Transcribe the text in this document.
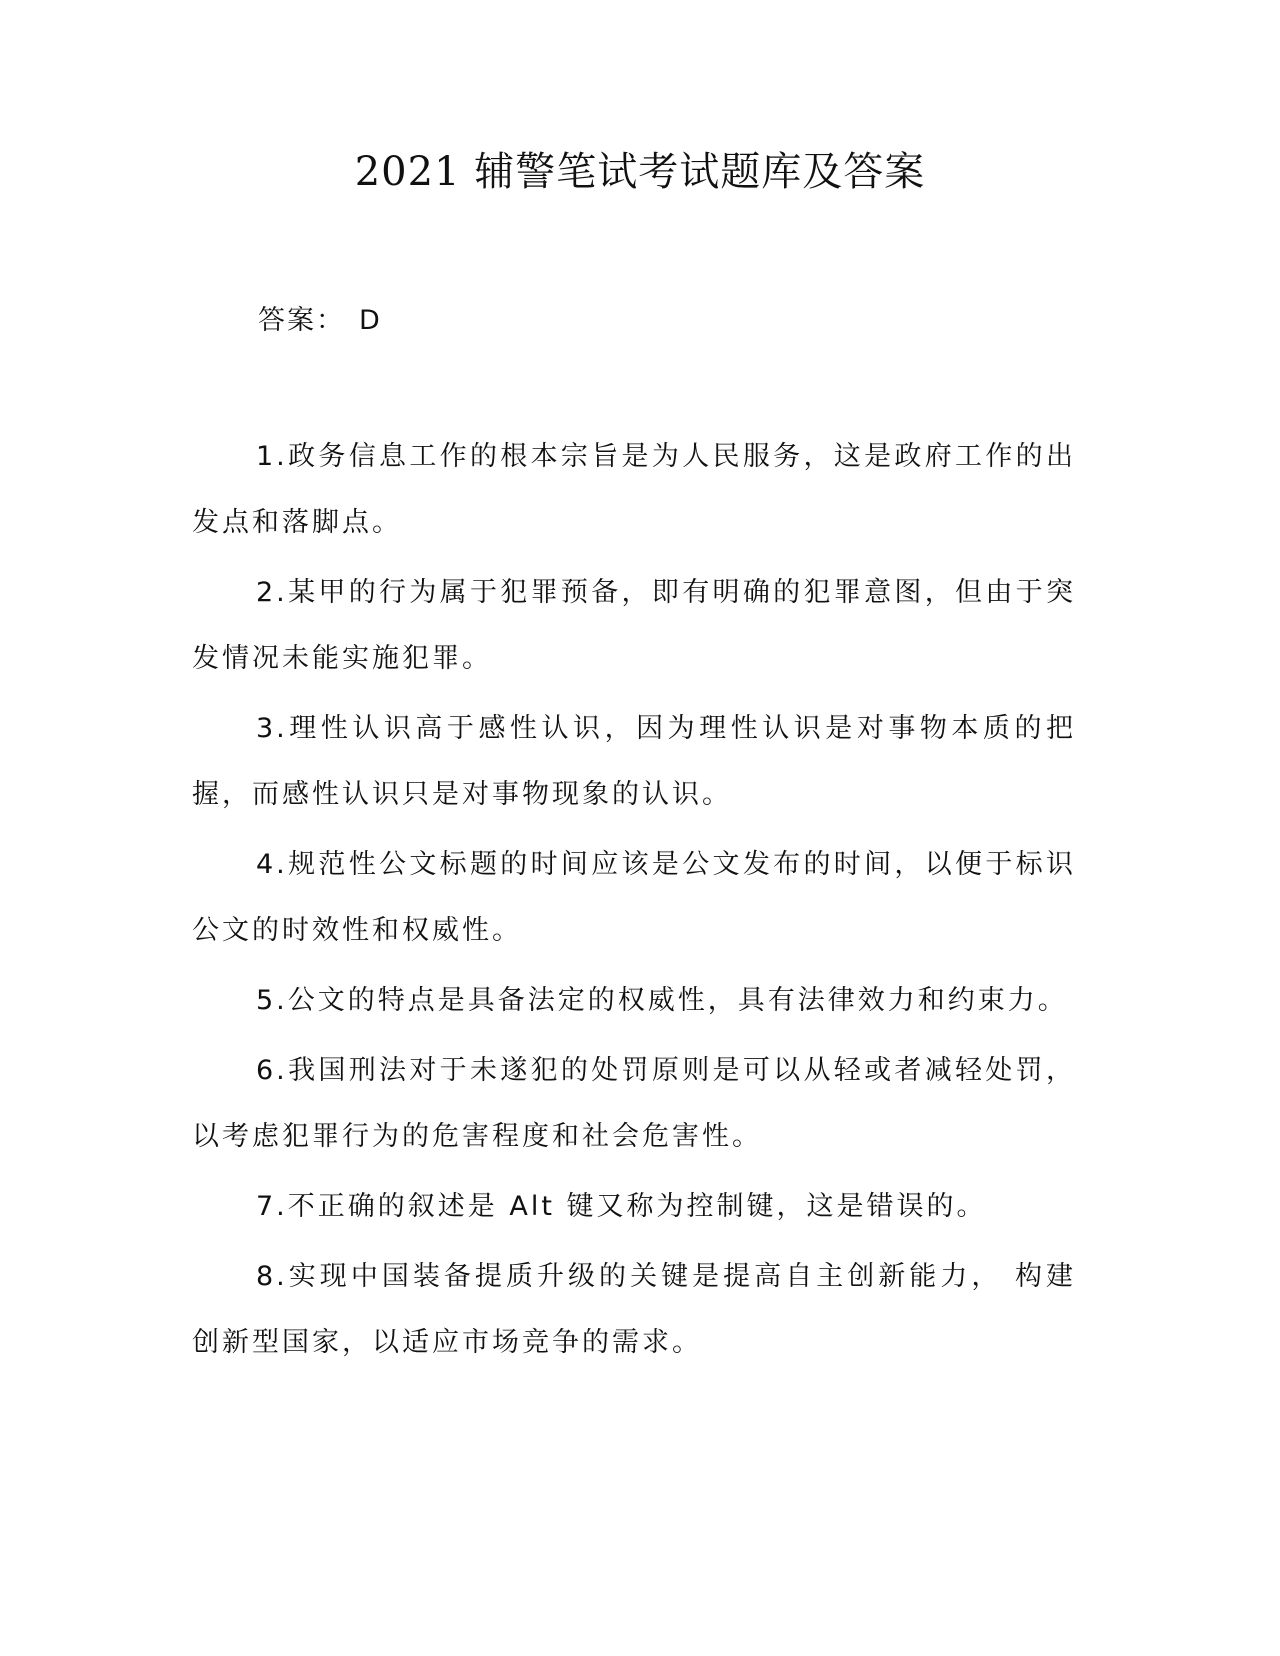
2021 辅警笔试考试题库及答案

答案： D

1.政务信息工作的根本宗旨是为人民服务，这是政府工作的出发点和落脚点。

2.某甲的行为属于犯罪预备，即有明确的犯罪意图，但由于突发情况未能实施犯罪。

3.理性认识高于感性认识，因为理性认识是对事物本质的把握，而感性认识只是对事物现象的认识。

4.规范性公文标题的时间应该是公文发布的时间，以便于标识公文的时效性和权威性。

5.公文的特点是具备法定的权威性，具有法律效力和约束力。

6.我国刑法对于未遂犯的处罚原则是可以从轻或者减轻处罚，以考虑犯罪行为的危害程度和社会危害性。

7.不正确的叙述是 Alt 键又称为控制键，这是错误的。

8.实现中国装备提质升级的关键是提高自主创新能力， 构建创新型国家，以适应市场竞争的需求。
